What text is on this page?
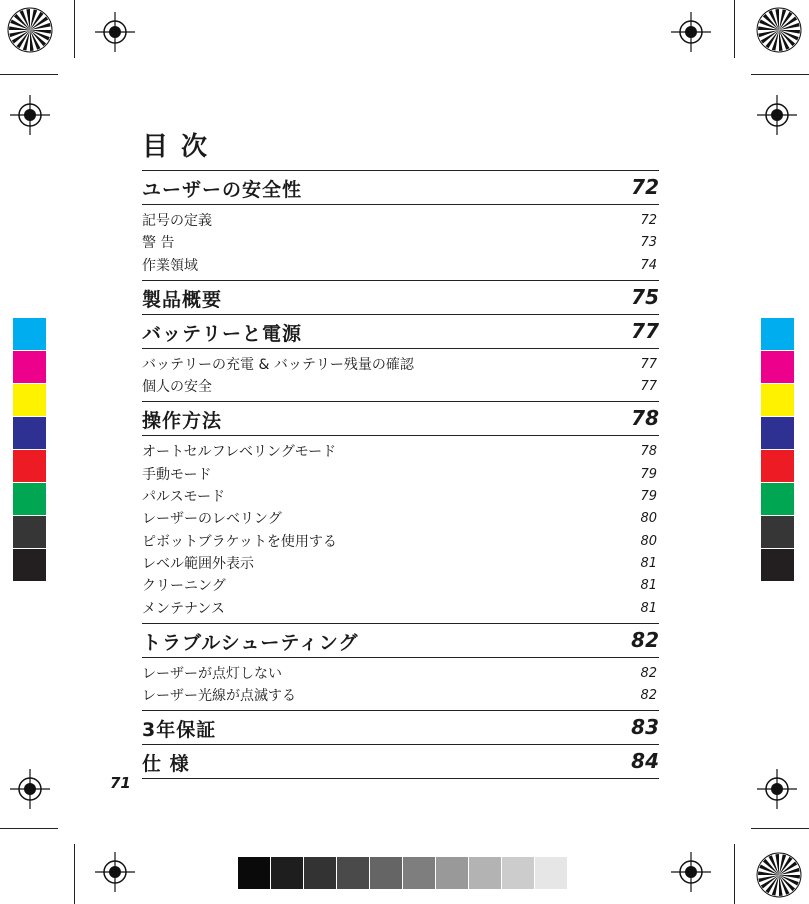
目 次
ユーザーの安全性	72
記号の定義	72
警 告	73
作業領域	74
製品概要	75
バッテリーと電源	77
バッテリーの充電 & バッテリー残量の確認	77
個人の安全	77
操作方法	78
オートセルフレベリングモード	78
手動モード	79
パルスモード	79
レーザーのレベリング	80
ピボットブラケットを使用する	80
レベル範囲外表示	81
クリーニング	81
メンテナンス	81
トラブルシューティング	82
レーザーが点灯しない	82
レーザー光線が点滅する	82
3年保証	83
仕 様	84
71
